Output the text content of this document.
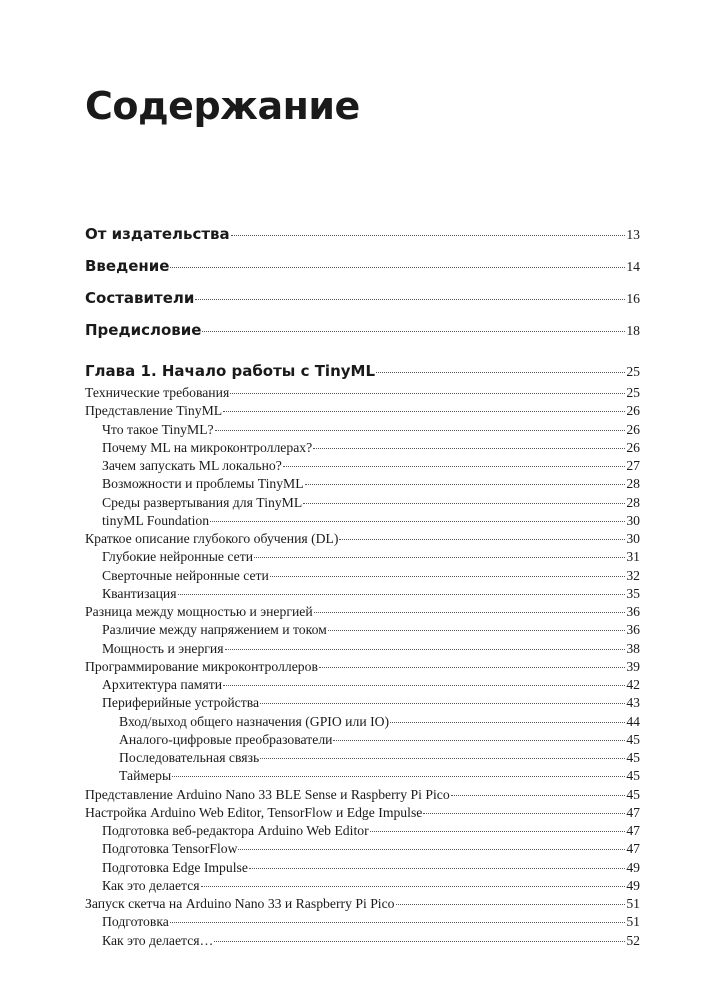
Содержание
От издательства	13
Введение	14
Составители	16
Предисловие	18
Глава 1. Начало работы с TinyML	25
Технические требования	25
Представление TinyML	26
Что такое TinyML?	26
Почему ML на микроконтроллерах?	26
Зачем запускать ML локально?	27
Возможности и проблемы TinyML	28
Среды развертывания для TinyML	28
tinyML Foundation	30
Краткое описание глубокого обучения (DL)	30
Глубокие нейронные сети	31
Сверточные нейронные сети	32
Квантизация	35
Разница между мощностью и энергией	36
Различие между напряжением и током	36
Мощность и энергия	38
Программирование микроконтроллеров	39
Архитектура памяти	42
Периферийные устройства	43
Вход/выход общего назначения (GPIO или IO)	44
Аналого-цифровые преобразователи	45
Последовательная связь	45
Таймеры	45
Представление Arduino Nano 33 BLE Sense и Raspberry Pi Pico	45
Настройка Arduino Web Editor, TensorFlow и Edge Impulse	47
Подготовка веб-редактора Arduino Web Editor	47
Подготовка TensorFlow	47
Подготовка Edge Impulse	49
Как это делается	49
Запуск скетча на Arduino Nano 33 и Raspberry Pi Pico	51
Подготовка	51
Как это делается…	52
